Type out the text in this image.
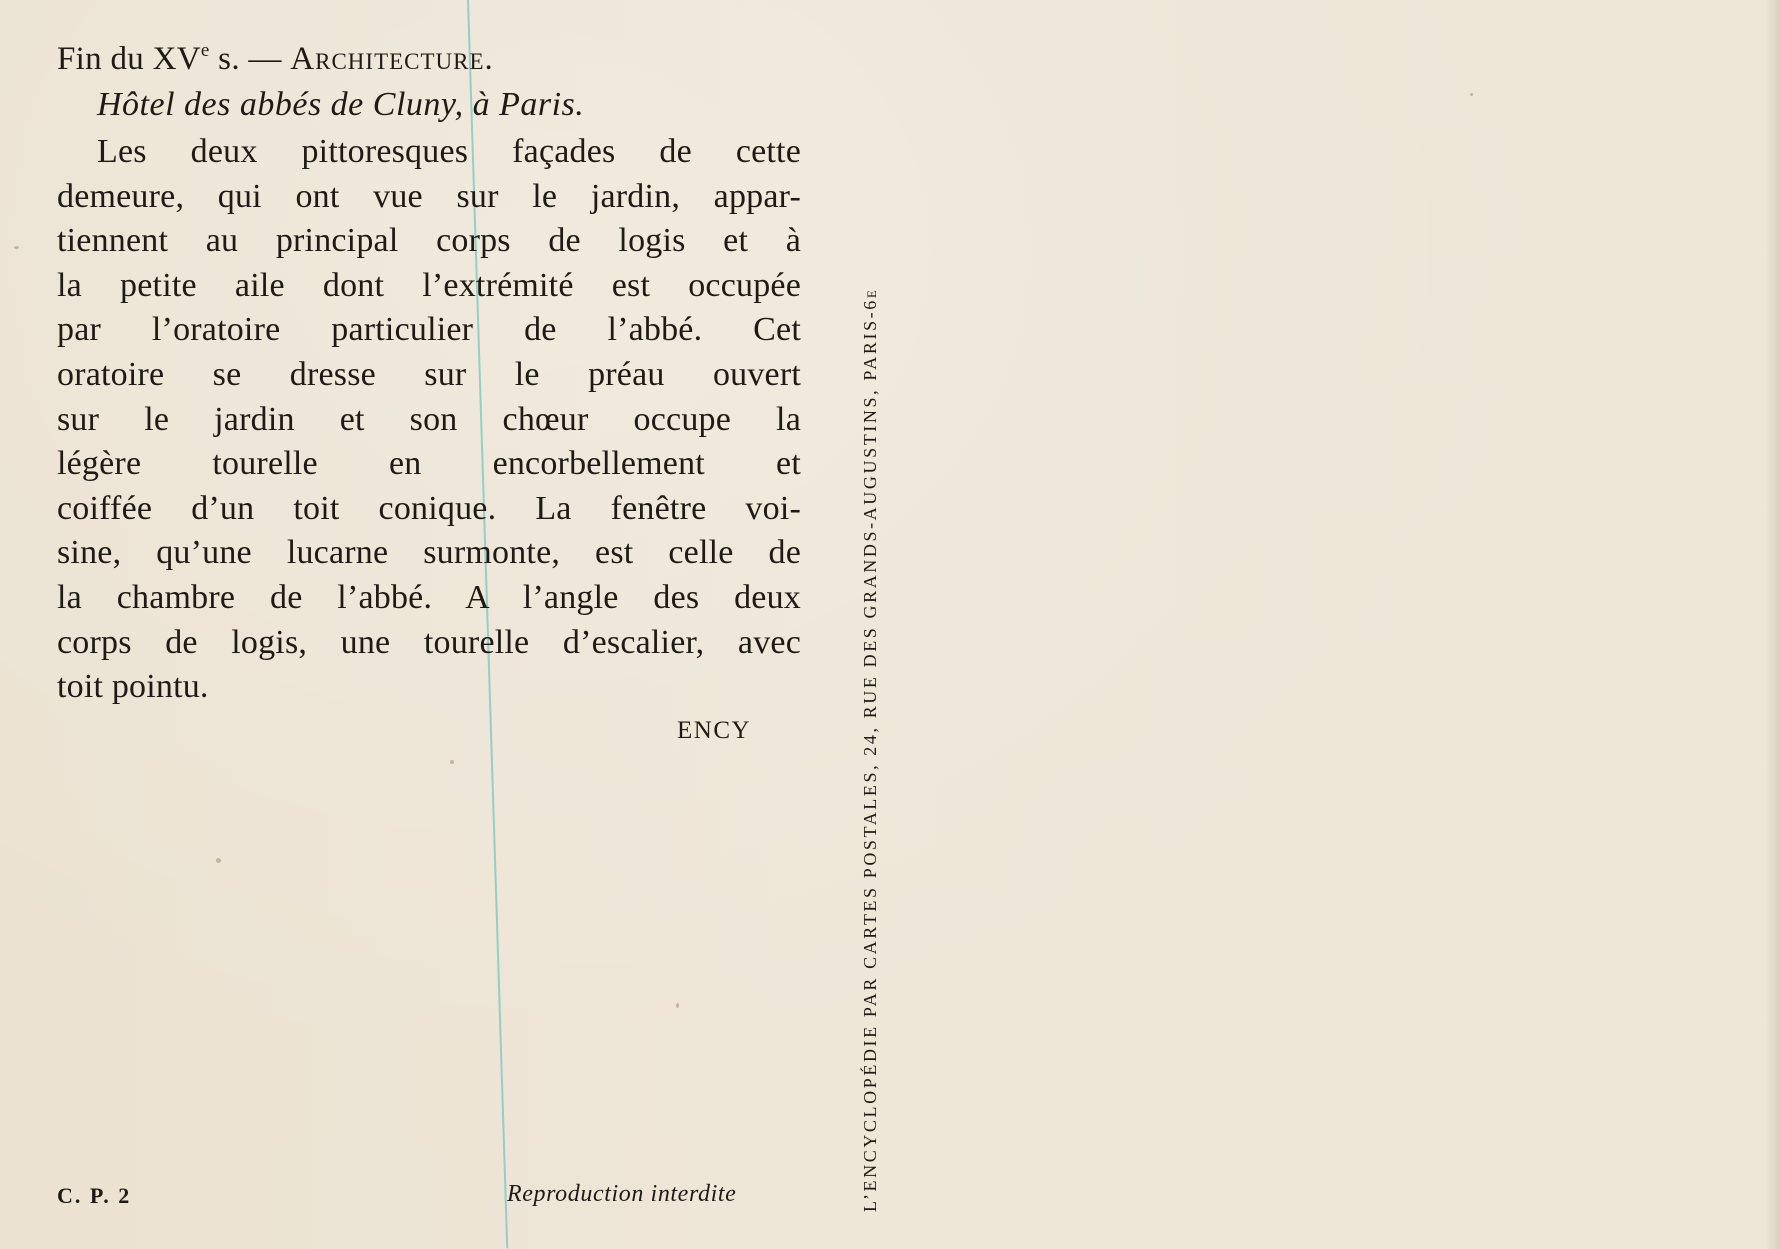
Fin du XVe s. — Architecture.
Hôtel des abbés de Cluny, à Paris.
Les deux pittoresques façades de cette
demeure, qui ont vue sur le jardin, appar-
tiennent au principal corps de logis et à
la petite aile dont l’extrémité est occupée
par l’oratoire particulier de l’abbé. Cet
oratoire se dresse sur le préau ouvert
sur le jardin et son chœur occupe la
légère tourelle en encorbellement et
coiffée d’un toit conique. La fenêtre voi-
sine, qu’une lucarne surmonte, est celle de
la chambre de l’abbé. A l’angle des deux
corps de logis, une tourelle d’escalier, avec
toit pointu.
ENCY
C. P. 2	Reproduction interdite	L’ENCYCLOPÉDIE PAR CARTES POSTALES, 24, RUE DES GRANDS-AUGUSTINS, PARIS-6e
